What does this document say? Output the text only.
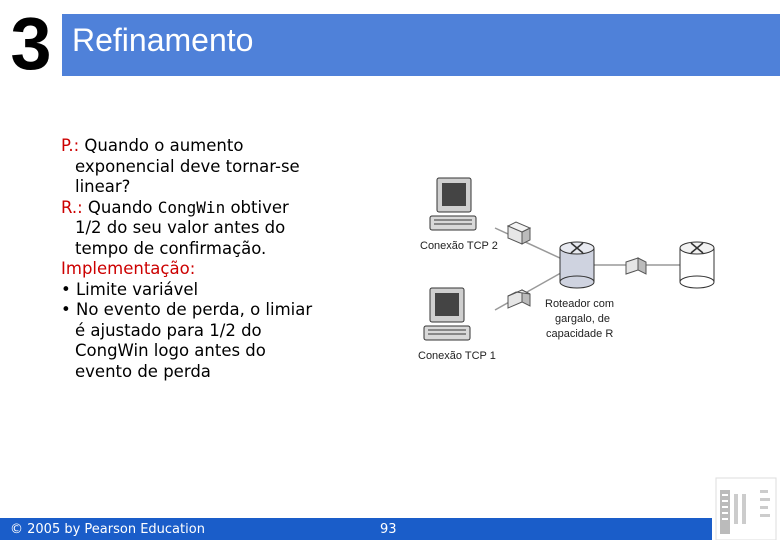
3 Refinamento
P.: Quando o aumento
exponencial deve tornar-se
linear?
R.: Quando CongWin obtiver
1/2 do seu valor antes do
tempo de confirmação.
Implementação:
• Limite variável
• No evento de perda, o limiar
é ajustado para 1/2 do
CongWin logo antes do
evento de perda
Conexão TCP 2
Conexão TCP 1
Roteador com
gargalo, de
capacidade R
© 2005 by Pearson Education	93
